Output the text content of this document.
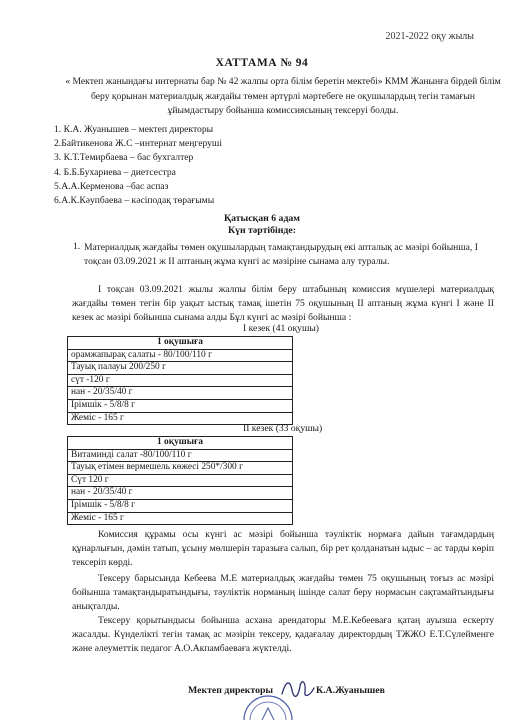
2021-2022 оқу жылы
ХАТТАМА № 94
« Мектеп жанындағы интернаты бар № 42 жалпы орта білім беретін мектебі» КММ Жанынға бірдей білім беру қорынан материалдық жағдайы төмен әртүрлі мәртебеге не оқушылардың тегін тамағын ұйымдастыру бойынша комиссиясының тексеруі болды.
1. К.А. Жуанышев – мектеп директоры
2.Байтикенова Ж.С –интернат меңгерушi
3. К.Т.Темирбаева – бас бухгалтер
4. Б.Б.Бухариева – диетсестра
5.А.А.Керменова –бас аспаз
6.А.К.Кәупбаева – кәсіподақ төрағымы
Қатысқан 6 адам
Күн тәртібінде:
1. Материалдық жағдайы төмен оқушылардың тамақтандырудың екі апталық ас мәзірі бойынша, І тоқсан 03.09.2021 ж ІІ аптаның жұма күнгі ас мәзіріне сынама алу туралы.
І тоқсан 03.09.2021 жылы жалпы білім беру штабының комиссия мүшелері материалдық жағдайы төмен тегін бір уақыт ыстық тамақ ішетін 75 оқушының ІІ аптаның жұма күнгі І және ІІ кезек ас мәзірі бойынша сынама алды Бұл күнгі ас мәзірі бойынша :
І кезек (41 оқушы)
1 оқушыға
орамжапырақ салаты - 80/100/110 г
Тауық палауы 200/250 г
сүт -120 г
нан - 20/35/40 г
Ірімшік - 5/8/8 г
Жеміс - 165 г
ІІ кезек (33 оқушы)
1 оқушыға
Витаминді салат -80/100/110 г
Тауық етімен вермешель көжесі 250*/300 г
Сүт 120 г
нан - 20/35/40 г
Ірімшік - 5/8/8 г
Жеміс - 165 г
Комиссия құрамы осы күнгі ас мәзірі бойынша тәуліктік нормаға дайын тағамдардың құнарлығын, дәмін татып, ұсыну мөлшерін таразыға салып, бір рет қолданатын ыдыс – ас тарды көріп тексеріп көрді.
Тексеру барысында Кебеева М.Е материалдық жағдайы төмен 75 оқушының тоғыз ас мәзірі бойынша тамақтандыратындығы, тәуліктік норманың ішінде салат беру нормасын сақтамайтындығы анықталды.
Тексеру қорытындысы бойынша асхана арендаторы М.Е.Кебееваға қатаң ауызша ескерту жасалды. Күнделікті тегін тамақ ас мәзірін тексеру, қадағалау директордың ТЖЖО Е.Т.Сүлейменге және әлеуметтік педагог А.О.Акпамбаеваға жүктелді.
Мектеп директоры	К.А.Жуанышев
